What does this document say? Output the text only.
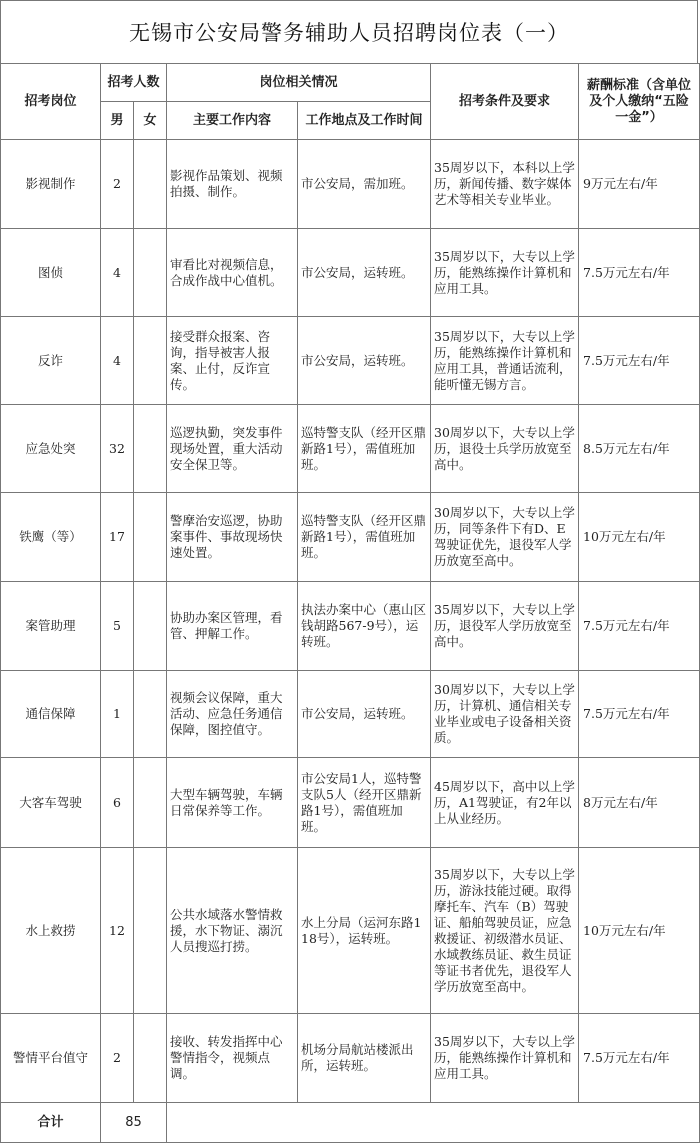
无锡市公安局警务辅助人员招聘岗位表（一）
招考岗位	招考人数		岗位相关情况		招考条件及要求	薪酬标准（含单位及个人缴纳“五险一金”）
	男	女	主要工作内容	工作地点及工作时间		
影视制作	2		影视作品策划、视频拍摄、制作。	市公安局，需加班。	35周岁以下，本科以上学历，新闻传播、数字媒体艺术等相关专业毕业。	9万元左右/年
图侦	4		审看比对视频信息，合成作战中心值机。	市公安局，运转班。	35周岁以下，大专以上学历，能熟练操作计算机和应用工具。	7.5万元左右/年
反诈	4		接受群众报案、咨询，指导被害人报案、止付，反诈宣传。	市公安局，运转班。	35周岁以下，大专以上学历，能熟练操作计算机和应用工具，普通话流利，能听懂无锡方言。	7.5万元左右/年
应急处突	32		巡逻执勤，突发事件现场处置，重大活动安全保卫等。	巡特警支队（经开区鼎新路1号），需值班加班。	30周岁以下，大专以上学历，退役士兵学历放宽至高中。	8.5万元左右/年
铁鹰（等）	17		警摩治安巡逻，协助案事件、事故现场快速处置。	巡特警支队（经开区鼎新路1号），需值班加班。	30周岁以下，大专以上学历，同等条件下有D、E驾驶证优先，退役军人学历放宽至高中。	10万元左右/年
案管助理	5		协助办案区管理，看管、押解工作。	执法办案中心（惠山区钱胡路567-9号），运转班。	35周岁以下，大专以上学历，退役军人学历放宽至高中。	7.5万元左右/年
通信保障	1		视频会议保障，重大活动、应急任务通信保障，图控值守。	市公安局，运转班。	30周岁以下，大专以上学历，计算机、通信相关专业毕业或电子设备相关资质。	7.5万元左右/年
大客车驾驶	6		大型车辆驾驶，车辆日常保养等工作。	市公安局1人，巡特警支队5人（经开区鼎新路1号），需值班加班。	45周岁以下，高中以上学历，A1驾驶证，有2年以上从业经历。	8万元左右/年
水上救捞	12		公共水域落水警情救援，水下物证、溺沉人员搜巡打捞。	水上分局（运河东路118号），运转班。	35周岁以下，大专以上学历，游泳技能过硬。取得摩托车、汽车（B）驾驶证、船舶驾驶员证，应急救援证、初级潜水员证、水域教练员证、救生员证等证书者优先，退役军人学历放宽至高中。	10万元左右/年
警情平台值守	2		接收、转发指挥中心警情指令，视频点调。	机场分局航站楼派出所，运转班。	35周岁以下，大专以上学历，能熟练操作计算机和应用工具。	7.5万元左右/年
合计	85					
